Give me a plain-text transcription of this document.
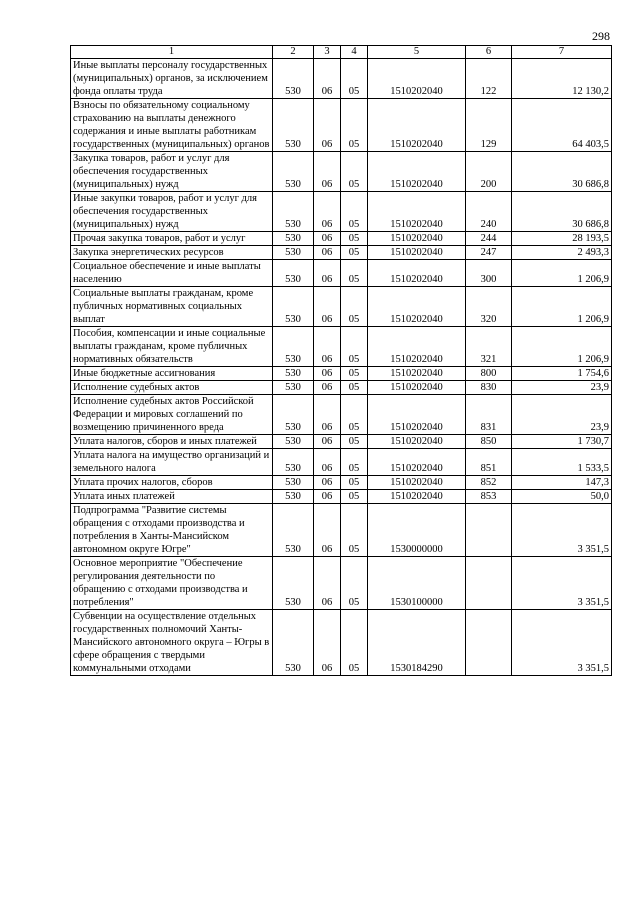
298
1	2	3	4	5	6	7
Иные выплаты персоналу государственных (муниципальных) органов, за исключением фонда оплаты труда	530	06	05	1510202040	122	12 130,2
Взносы по обязательному социальному страхованию на выплаты денежного содержания и иные выплаты работникам государственных (муниципальных) органов	530	06	05	1510202040	129	64 403,5
Закупка товаров, работ и услуг для обеспечения государственных (муниципальных) нужд	530	06	05	1510202040	200	30 686,8
Иные закупки товаров, работ и услуг для обеспечения государственных (муниципальных) нужд	530	06	05	1510202040	240	30 686,8
Прочая закупка товаров, работ и услуг	530	06	05	1510202040	244	28 193,5
Закупка энергетических ресурсов	530	06	05	1510202040	247	2 493,3
Социальное обеспечение и иные выплаты населению	530	06	05	1510202040	300	1 206,9
Социальные выплаты гражданам, кроме публичных нормативных социальных выплат	530	06	05	1510202040	320	1 206,9
Пособия, компенсации и иные социальные выплаты гражданам, кроме публичных нормативных обязательств	530	06	05	1510202040	321	1 206,9
Иные бюджетные ассигнования	530	06	05	1510202040	800	1 754,6
Исполнение судебных актов	530	06	05	1510202040	830	23,9
Исполнение судебных актов Российской Федерации и мировых соглашений по возмещению причиненного вреда	530	06	05	1510202040	831	23,9
Уплата налогов, сборов и иных платежей	530	06	05	1510202040	850	1 730,7
Уплата налога на имущество организаций и земельного налога	530	06	05	1510202040	851	1 533,5
Уплата прочих налогов, сборов	530	06	05	1510202040	852	147,3
Уплата иных платежей	530	06	05	1510202040	853	50,0
Подпрограмма "Развитие системы обращения с отходами производства и потребления в Ханты-Мансийском автономном округе Югре"	530	06	05	1530000000		3 351,5
Основное мероприятие "Обеспечение регулирования деятельности по обращению с отходами производства и потребления"	530	06	05	1530100000		3 351,5
Субвенции на осуществление отдельных государственных полномочий Ханты-Мансийского автономного округа – Югры в сфере обращения с твердыми коммунальными отходами	530	06	05	1530184290		3 351,5
